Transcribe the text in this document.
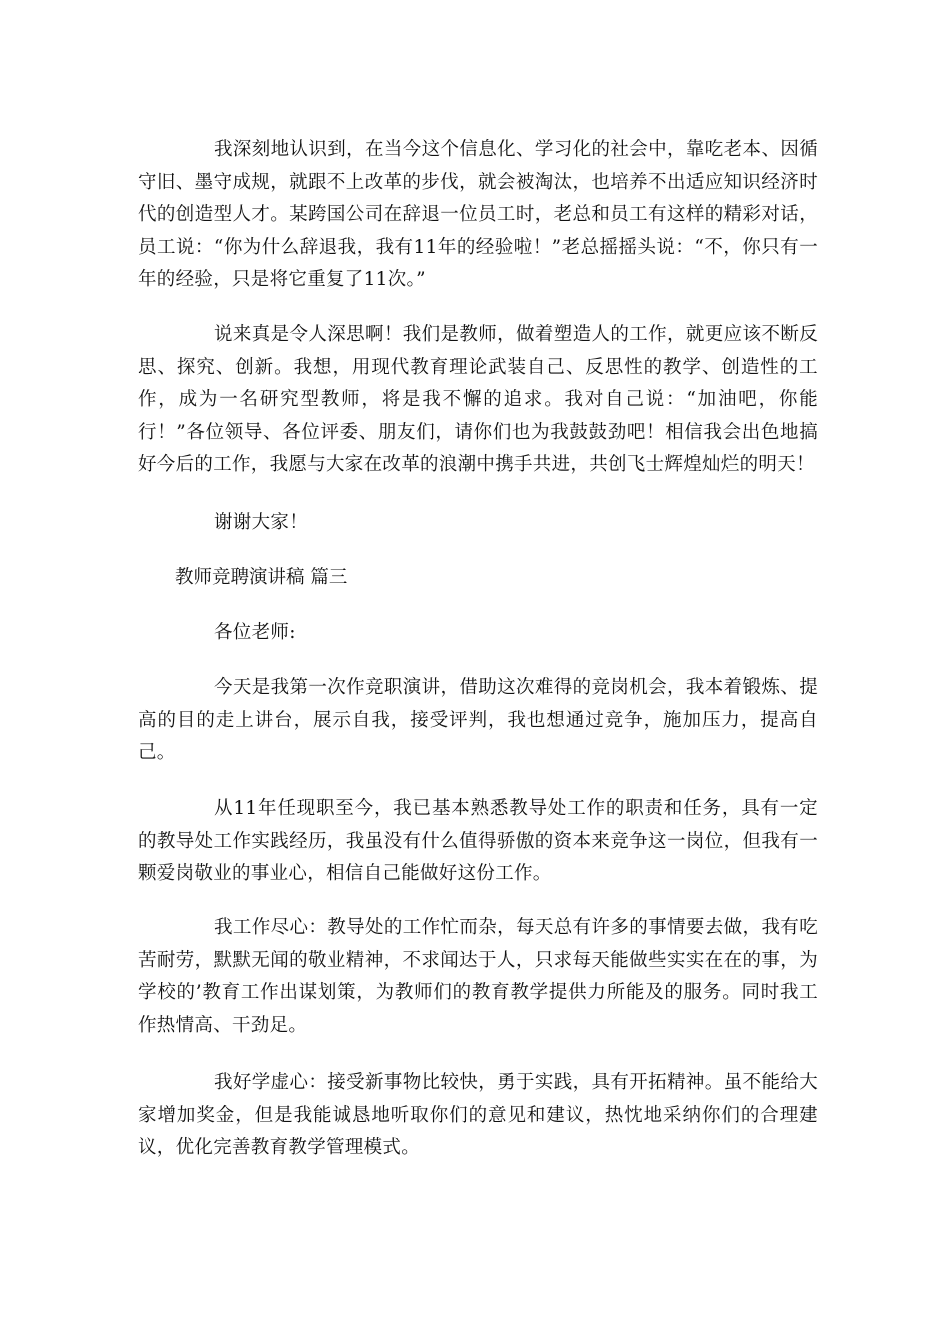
我深刻地认识到，在当今这个信息化、学习化的社会中，靠吃老本、因循守旧、墨守成规，就跟不上改革的步伐，就会被淘汰，也培养不出适应知识经济时代的创造型人才。某跨国公司在辞退一位员工时，老总和员工有这样的精彩对话，员工说：“你为什么辞退我，我有11年的经验啦！”老总摇摇头说：“不，你只有一年的经验，只是将它重复了11次。”

说来真是令人深思啊！我们是教师，做着塑造人的工作，就更应该不断反思、探究、创新。我想，用现代教育理论武装自己、反思性的教学、创造性的工作，成为一名研究型教师，将是我不懈的追求。我对自己说：“加油吧，你能行！”各位领导、各位评委、朋友们，请你们也为我鼓鼓劲吧！相信我会出色地搞好今后的工作，我愿与大家在改革的浪潮中携手共进，共创飞士辉煌灿烂的明天！

谢谢大家！

教师竞聘演讲稿 篇三

各位老师:

今天是我第一次作竞职演讲，借助这次难得的竞岗机会，我本着锻炼、提高的目的走上讲台，展示自我，接受评判，我也想通过竞争，施加压力，提高自己。

从11年任现职至今，我已基本熟悉教导处工作的职责和任务，具有一定的教导处工作实践经历，我虽没有什么值得骄傲的资本来竞争这一岗位，但我有一颗爱岗敬业的事业心，相信自己能做好这份工作。

我工作尽心：教导处的工作忙而杂，每天总有许多的事情要去做，我有吃苦耐劳，默默无闻的敬业精神，不求闻达于人，只求每天能做些实实在在的事，为学校的’教育工作出谋划策，为教师们的教育教学提供力所能及的服务。同时我工作热情高、干劲足。

我好学虚心：接受新事物比较快，勇于实践，具有开拓精神。虽不能给大家增加奖金，但是我能诚恳地听取你们的意见和建议，热忱地采纳你们的合理建议，优化完善教育教学管理模式。
